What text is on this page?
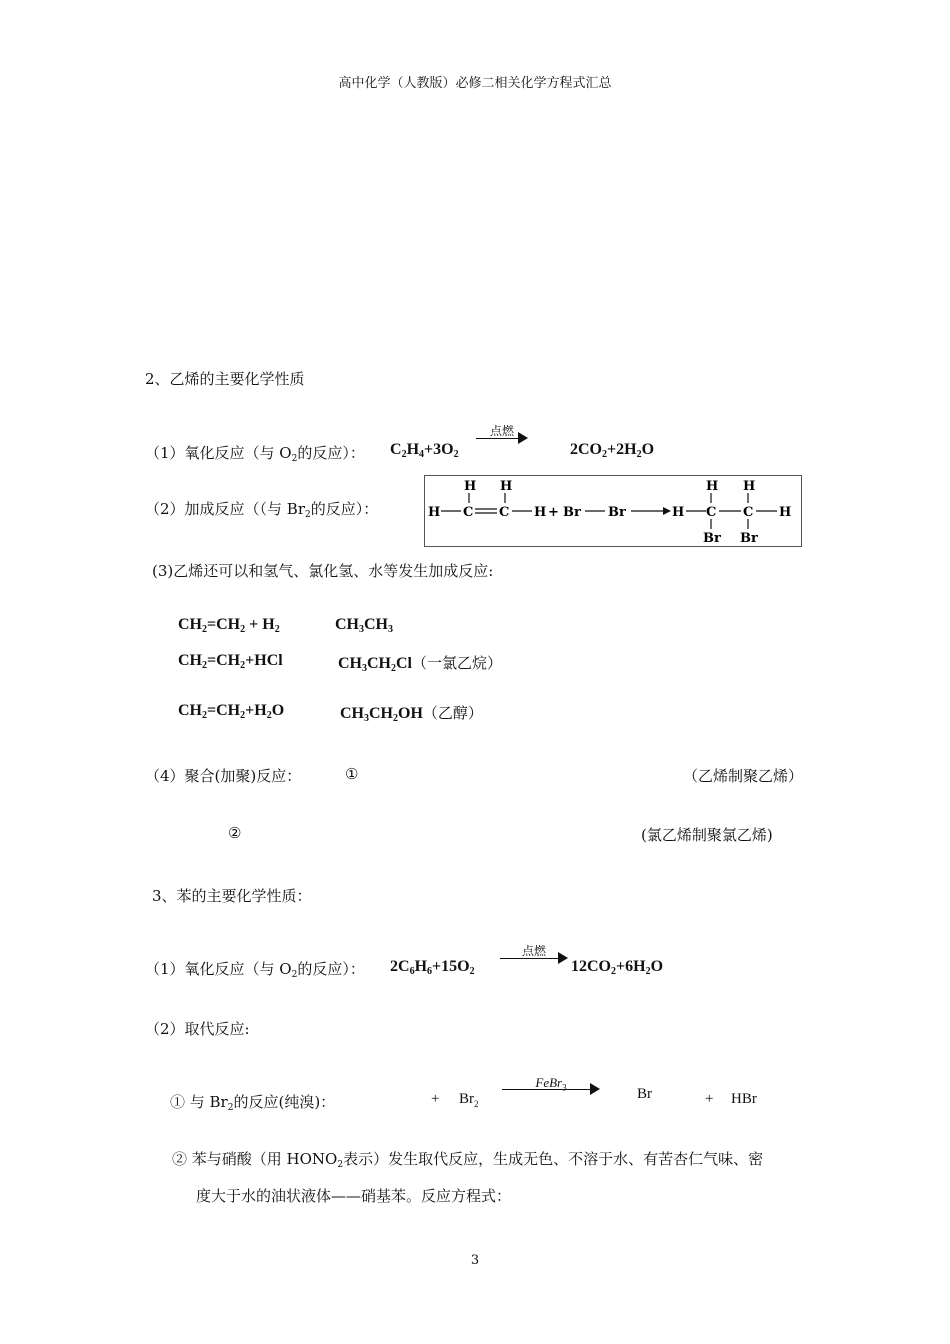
高中化学（人教版）必修二相关化学方程式汇总
2、乙烯的主要化学性质
（1）氧化反应（与 $O_2$的反应）： $C_2H_4+3O_2$
点燃
$2CO_2+2H_2O$
（2）加成反应（（与 $Br_2$的反应）：
H H
H C C H + Br Br	H C C H
H H
Br Br
(3)乙烯还可以和氢气、氯化氢、水等发生加成反应:
$CH_2=CH_2 + H_2$	$CH_3CH_3$
$CH_2=CH_2+HCl$	$CH_3CH_2Cl$（一氯乙烷）
$CH_2=CH_2+H_2O$	$CH_3CH_2OH$（乙醇）
（4）聚合(加聚)反应：	①	（乙烯制聚乙烯）
②	(氯乙烯制聚氯乙烯)
3、苯的主要化学性质：
（1）氧化反应（与 $O_2$的反应）： $2C_6H_6+15O_2$
点燃
$12CO_2+6H_2O$
（2）取代反应:
① 与 $Br_2$的反应(纯溴)：	+ $Br_2$
FeBr$_3$	Br	+ HBr
② 苯与硝酸（用 $HONO_2$表示）发生取代反应，生成无色、不溶于水、有苦杏仁气味、密
度大于水的油状液体——硝基苯。反应方程式：
3
